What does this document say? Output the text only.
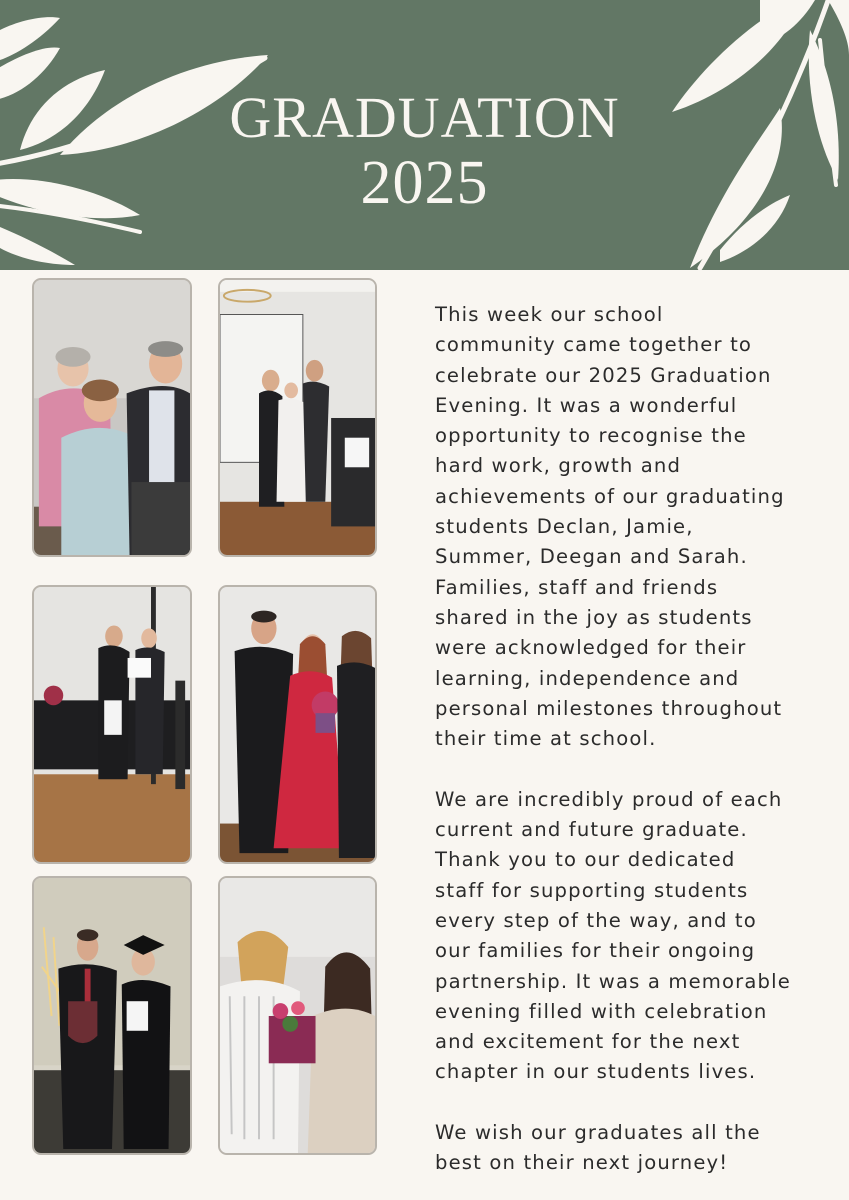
GRADUATION
2025

This week our school
community came together to
celebrate our 2025 Graduation
Evening. It was a wonderful
opportunity to recognise the
hard work, growth and
achievements of our graduating
students Declan, Jamie,
Summer, Deegan and Sarah.
Families, staff and friends
shared in the joy as students
were acknowledged for their
learning, independence and
personal milestones throughout
their time at school.

We are incredibly proud of each
current and future graduate.
Thank you to our dedicated
staff for supporting students
every step of the way, and to
our families for their ongoing
partnership. It was a memorable
evening filled with celebration
and excitement for the next
chapter in our students lives.

We wish our graduates all the
best on their next journey!
